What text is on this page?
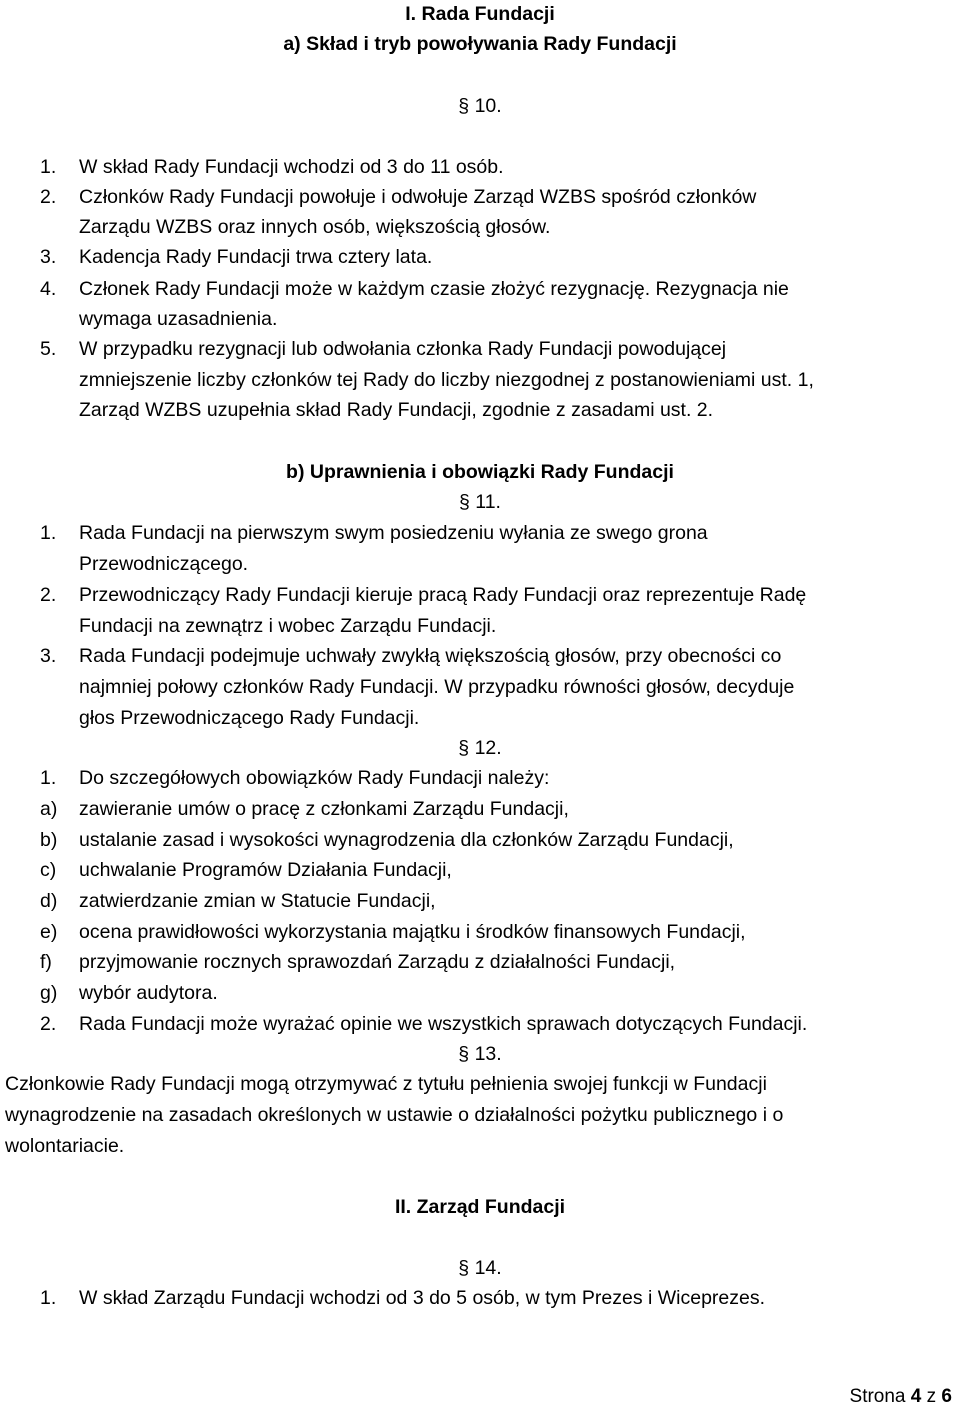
I. Rada Fundacji
a) Skład i tryb powoływania Rady Fundacji
§ 10.
1. W skład Rady Fundacji wchodzi od 3 do 11 osób.
2. Członków Rady Fundacji powołuje i odwołuje Zarząd WZBS spośród członków
Zarządu WZBS oraz innych osób, większością głosów.
3. Kadencja Rady Fundacji trwa cztery lata.
4. Członek Rady Fundacji może w każdym czasie złożyć rezygnację. Rezygnacja nie
wymaga uzasadnienia.
5. W przypadku rezygnacji lub odwołania członka Rady Fundacji powodującej
zmniejszenie liczby członków tej Rady do liczby niezgodnej z postanowieniami ust. 1,
Zarząd WZBS uzupełnia skład Rady Fundacji, zgodnie z zasadami ust. 2.
b) Uprawnienia i obowiązki Rady Fundacji
§ 11.
1. Rada Fundacji na pierwszym swym posiedzeniu wyłania ze swego grona
Przewodniczącego.
2. Przewodniczący Rady Fundacji kieruje pracą Rady Fundacji oraz reprezentuje Radę
Fundacji na zewnątrz i wobec Zarządu Fundacji.
3. Rada Fundacji podejmuje uchwały zwykłą większością głosów, przy obecności co
najmniej połowy członków Rady Fundacji. W przypadku równości głosów, decyduje
głos Przewodniczącego Rady Fundacji.
§ 12.
1. Do szczegółowych obowiązków Rady Fundacji należy:
a) zawieranie umów o pracę z członkami Zarządu Fundacji,
b) ustalanie zasad i wysokości wynagrodzenia dla członków Zarządu Fundacji,
c) uchwalanie Programów Działania Fundacji,
d) zatwierdzanie zmian w Statucie Fundacji,
e) ocena prawidłowości wykorzystania majątku i środków finansowych Fundacji,
f) przyjmowanie rocznych sprawozdań Zarządu z działalności Fundacji,
g) wybór audytora.
2. Rada Fundacji może wyrażać opinie we wszystkich sprawach dotyczących Fundacji.
§ 13.
Członkowie Rady Fundacji mogą otrzymywać z tytułu pełnienia swojej funkcji w Fundacji
wynagrodzenie na zasadach określonych w ustawie o działalności pożytku publicznego i o
wolontariacie.
II. Zarząd Fundacji
§ 14.
1. W skład Zarządu Fundacji wchodzi od 3 do 5 osób, w tym Prezes i Wiceprezes.
Strona 4 z 6
